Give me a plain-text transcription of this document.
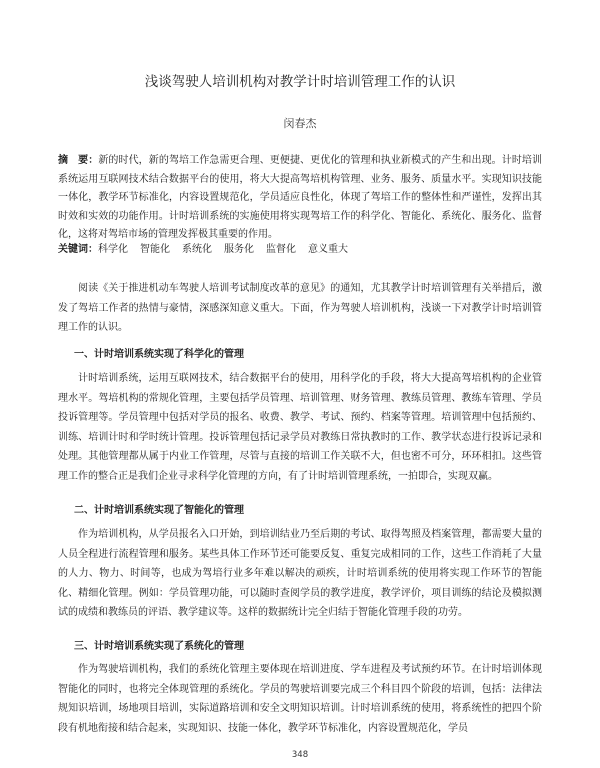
浅谈驾驶人培训机构对教学计时培训管理工作的认识
闵春杰
摘　要：新的时代，新的驾培工作急需更合理、更便捷、更优化的管理和执业新模式的产生和出现。计时培训系统运用互联网技术结合数据平台的使用，将大大提高驾培机构管理、业务、服务、质量水平。实现知识技能一体化，教学环节标准化，内容设置规范化，学员适应良性化，体现了驾培工作的整体性和严谨性，发挥出其时效和实效的功能作用。计时培训系统的实施使用将实现驾培工作的科学化、智能化、系统化、服务化、监督化，这将对驾培市场的管理发挥极其重要的作用。
关键词：科学化 智能化 系统化 服务化 监督化 意义重大
阅读《关于推进机动车驾驶人培训考试制度改革的意见》的通知，尤其教学计时培训管理有关举措后，激发了驾培工作者的热情与豪情，深感深知意义重大。下面，作为驾驶人培训机构，浅谈一下对教学计时培训管理工作的认识。
一、计时培训系统实现了科学化的管理
计时培训系统，运用互联网技术，结合数据平台的使用，用科学化的手段，将大大提高驾培机构的企业管理水平。驾培机构的常规化管理，主要包括学员管理、培训管理、财务管理、教练员管理、教练车管理、学员投诉管理等。学员管理中包括对学员的报名、收费、教学、考试、预约、档案等管理。培训管理中包括预约、训练、培训计时和学时统计管理。投诉管理包括记录学员对教练日常执教时的工作、教学状态进行投诉记录和处理。其他管理都从属于内业工作管理，尽管与直接的培训工作关联不大，但也密不可分，环环相扣。这些管理工作的整合正是我们企业寻求科学化管理的方向，有了计时培训管理系统，一拍即合，实现双赢。
二、计时培训系统实现了智能化的管理
作为培训机构，从学员报名入口开始，到培训结业乃至后期的考试、取得驾照及档案管理，都需要大量的人员全程进行流程管理和服务。某些具体工作环节还可能要反复、重复完成相同的工作，这些工作消耗了大量的人力、物力、时间等，也成为驾培行业多年难以解决的顽疾，计时培训系统的使用将实现工作环节的智能化、精细化管理。例如：学员管理功能，可以随时查阅学员的教学进度，教学评价，项目训练的结论及模拟测试的成绩和教练员的评语、教学建议等。这样的数据统计完全归结于智能化管理手段的功劳。
三、计时培训系统实现了系统化的管理
作为驾驶培训机构，我们的系统化管理主要体现在培训进度、学车进程及考试预约环节。在计时培训体现智能化的同时，也将完全体现管理的系统化。学员的驾驶培训要完成三个科目四个阶段的培训，包括：法律法规知识培训，场地项目培训，实际道路培训和安全文明知识培训。计时培训系统的使用，将系统性的把四个阶段有机地衔接和结合起来，实现知识、技能一体化，教学环节标准化，内容设置规范化，学员
348
